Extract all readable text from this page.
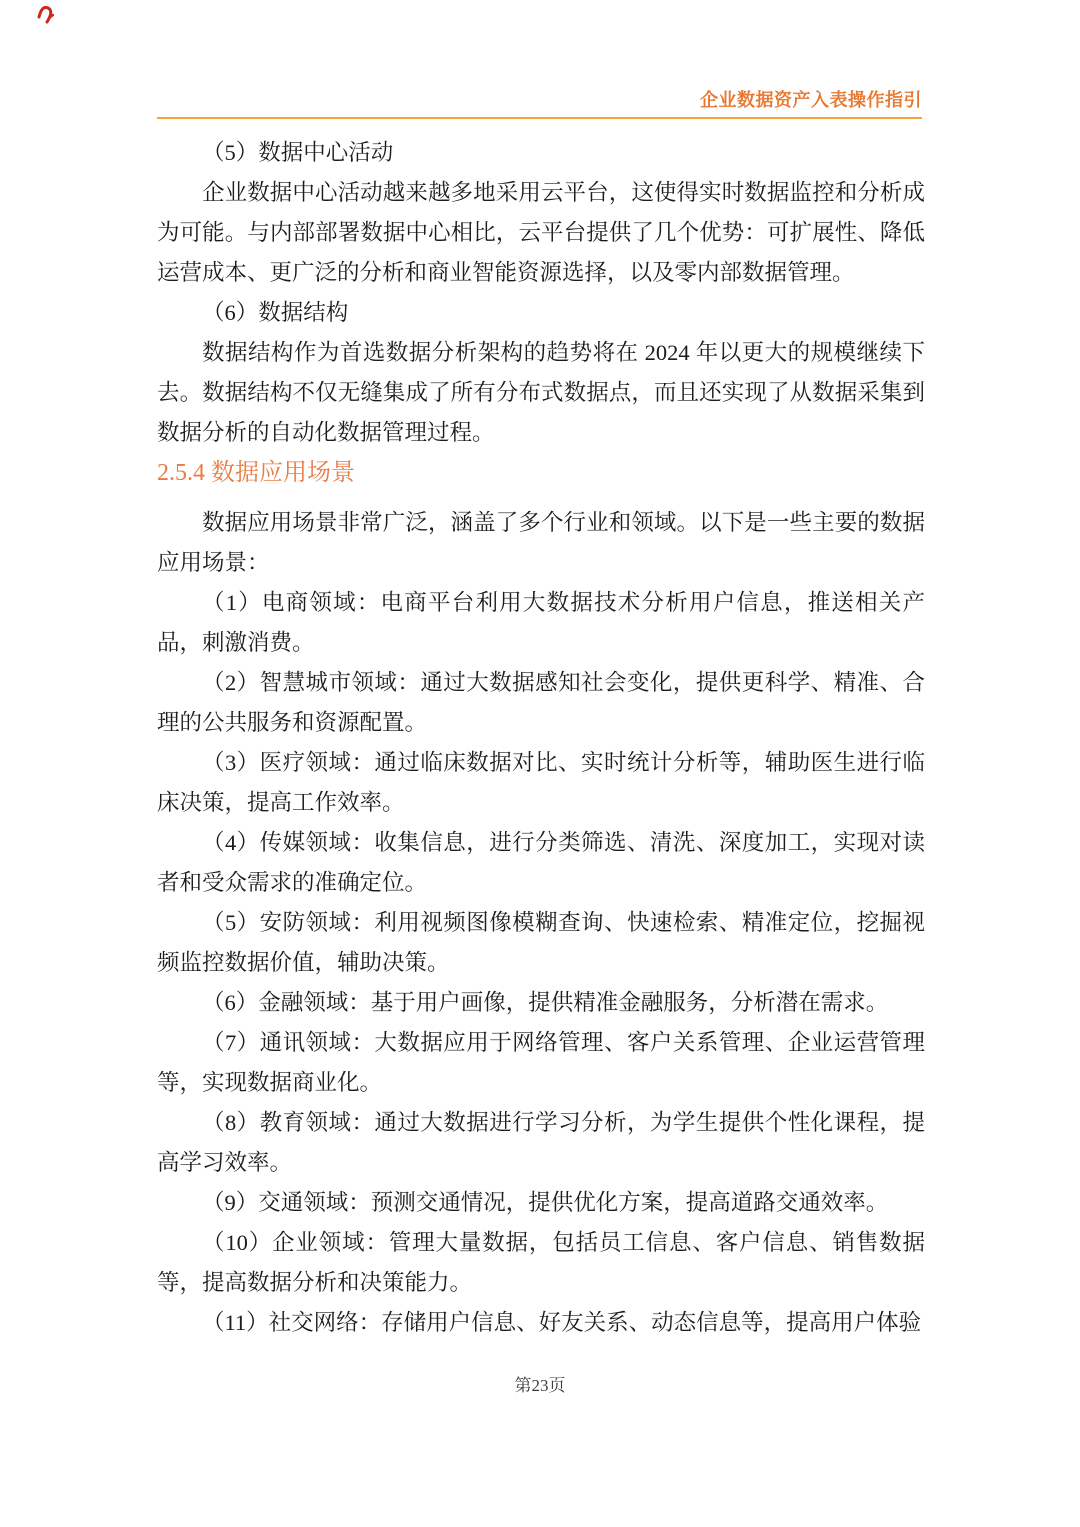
企业数据资产入表操作指引

（5）数据中心活动

企业数据中心活动越来越多地采用云平台，这使得实时数据监控和分析成为可能。与内部部署数据中心相比，云平台提供了几个优势：可扩展性、降低运营成本、更广泛的分析和商业智能资源选择，以及零内部数据管理。

（6）数据结构

数据结构作为首选数据分析架构的趋势将在 2024 年以更大的规模继续下去。数据结构不仅无缝集成了所有分布式数据点，而且还实现了从数据采集到数据分析的自动化数据管理过程。

2.5.4 数据应用场景

数据应用场景非常广泛，涵盖了多个行业和领域。以下是一些主要的数据应用场景：

（1）电商领域：电商平台利用大数据技术分析用户信息，推送相关产品，刺激消费。

（2）智慧城市领域：通过大数据感知社会变化，提供更科学、精准、合理的公共服务和资源配置。

（3）医疗领域：通过临床数据对比、实时统计分析等，辅助医生进行临床决策，提高工作效率。

（4）传媒领域：收集信息，进行分类筛选、清洗、深度加工，实现对读者和受众需求的准确定位。

（5）安防领域：利用视频图像模糊查询、快速检索、精准定位，挖掘视频监控数据价值，辅助决策。

（6）金融领域：基于用户画像，提供精准金融服务，分析潜在需求。

（7）通讯领域：大数据应用于网络管理、客户关系管理、企业运营管理等，实现数据商业化。

（8）教育领域：通过大数据进行学习分析，为学生提供个性化课程，提高学习效率。

（9）交通领域：预测交通情况，提供优化方案，提高道路交通效率。

（10）企业领域：管理大量数据，包括员工信息、客户信息、销售数据等，提高数据分析和决策能力。

（11）社交网络：存储用户信息、好友关系、动态信息等，提高用户体验

第23页
